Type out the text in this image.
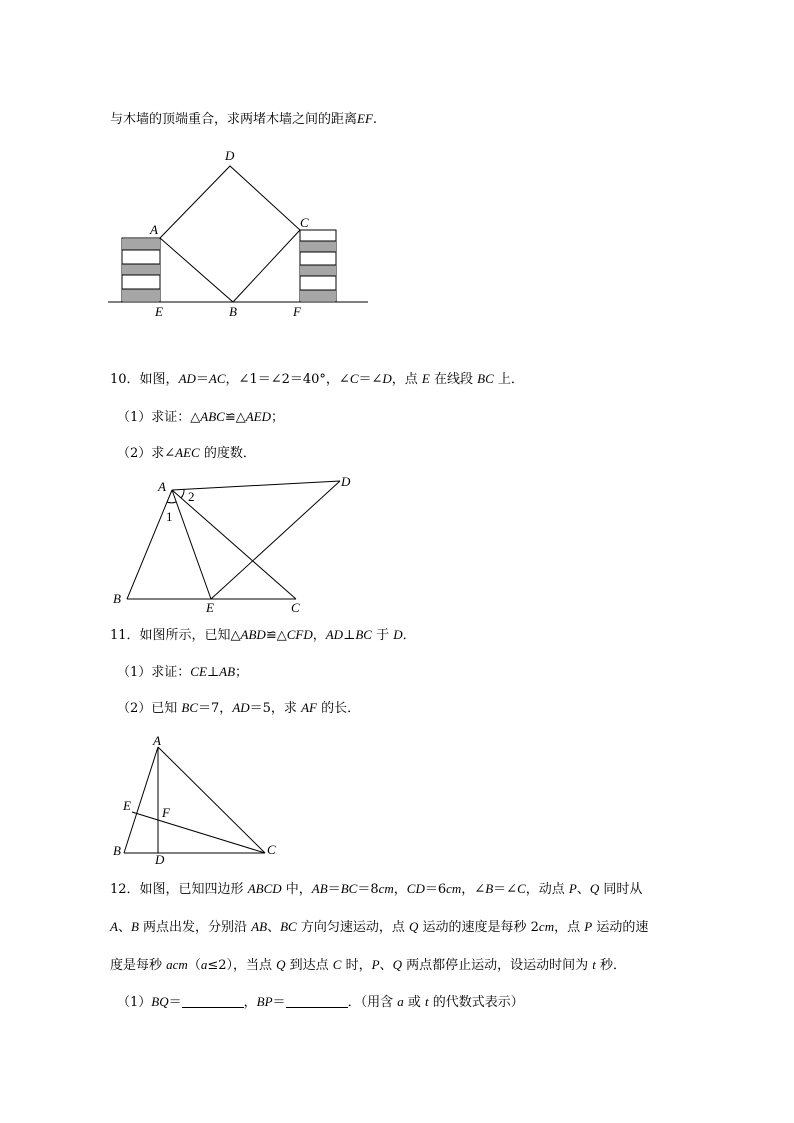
与木墙的顶端重合，求两堵木墙之间的距离EF.
D
A	C
E	B	F
10．如图，AD＝AC，∠1＝∠2＝40°，∠C＝∠D，点 E 在线段 BC 上．
（1）求证：△ABC≌△AED；
（2）求∠AEC 的度数．
A	D
B
E	C
1
2
11．如图所示，已知△ABD≌△CFD，AD⊥BC 于 D．
（1）求证：CE⊥AB；
（2）已知 BC＝7，AD＝5，求 AF 的长．
A
E F
B
D
C
12．如图，已知四边形 ABCD 中，AB＝BC＝8cm，CD＝6cm，∠B＝∠C，动点 P、Q 同时从
A、B 两点出发，分别沿 AB、BC 方向匀速运动，点 Q 运动的速度是每秒 2cm，点 P 运动的速
度是每秒 acm（a≤2），当点 Q 到达点 C 时，P、Q 两点都停止运动，设运动时间为 t 秒．
（1）BQ＝	，BP＝	．（用含 a 或 t 的代数式表示）
